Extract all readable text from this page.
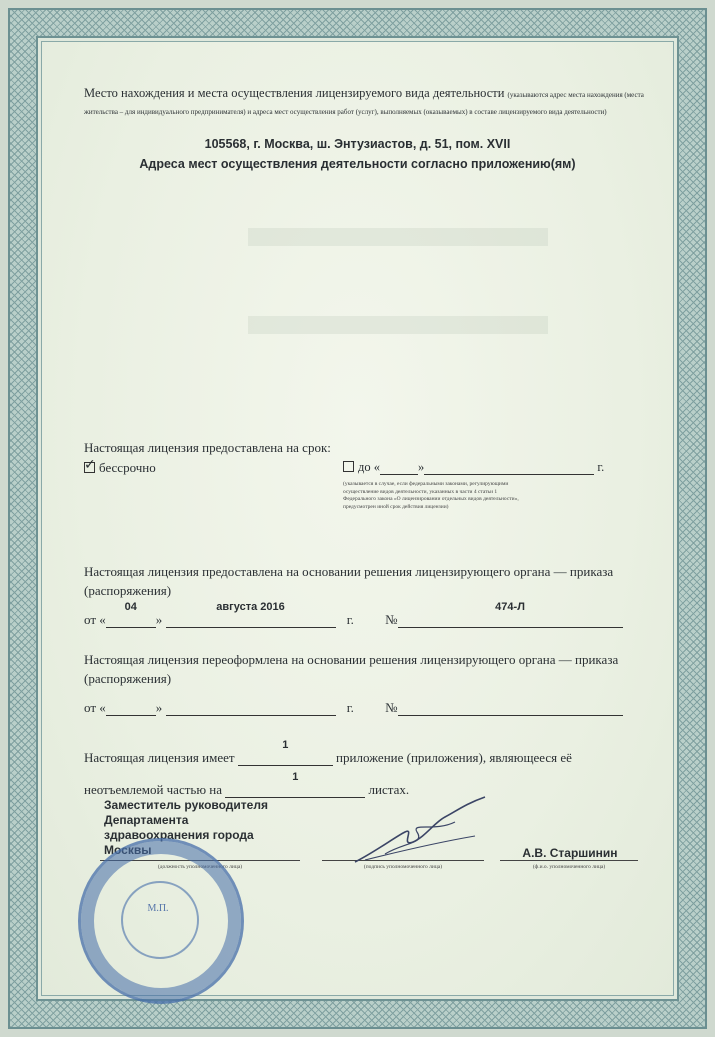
Место нахождения и места осуществления лицензируемого вида деятельности (указываются адрес места нахождения (места жительства – для индивидуального предпринимателя) и адреса мест осуществления работ (услуг), выполняемых (оказываемых) в составе лицензируемого вида деятельности)
105568, г. Москва, ш. Энтузиастов, д. 51, пом. XVII
Адреса мест осуществления деятельности согласно приложению(ям)
Настоящая лицензия предоставлена на срок:
✓бессрочно	до «	»	г.
(указывается в случае, если федеральными законами, регулирующими осуществление видов деятельности, указанных в части 4 статьи 1 Федерального закона «О лицензировании отдельных видов деятельности», предусмотрен иной срок действия лицензии)
Настоящая лицензия предоставлена на основании решения лицензирующего органа — приказа (распоряжения)
от «
04
»
августа 2016
г. №
474-Л
Настоящая лицензия переоформлена на основании решения лицензирующего органа — приказа (распоряжения)
от «	»	г. №
Настоящая лицензия имеет
1
приложение (приложения), являющееся её
неотъемлемой частью на
1
листах.
Заместитель руководителя
Департамента
здравоохранения города
Москвы
(должность уполномоченного лица)	(подпись уполномоченного лица)
А.В. Старшинин
(ф.и.о. уполномоченного лица)
М.П.
